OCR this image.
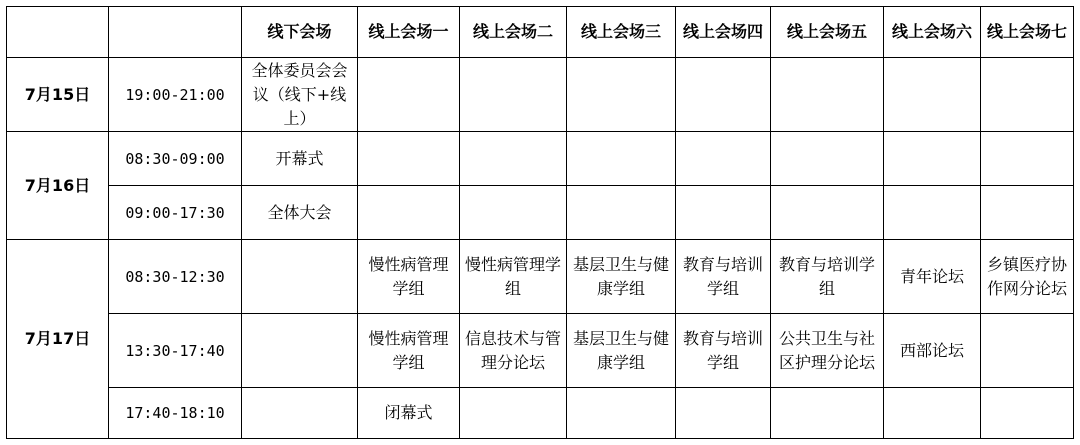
		线下会场	线上会场一	线上会场二	线上会场三	线上会场四	线上会场五	线上会场六	线上会场七
7月15日	19:00-21:00	全体委员会会议（线下+线上）							
7月16日	08:30-09:00	开幕式							
	09:00-17:30	全体大会							
7月17日	08:30-12:30		慢性病管理学组	慢性病管理学组	基层卫生与健康学组	教育与培训学组	教育与培训学组	青年论坛	乡镇医疗协作网分论坛
	13:30-17:40		慢性病管理学组	信息技术与管理分论坛	基层卫生与健康学组	教育与培训学组	公共卫生与社区护理分论坛	西部论坛	
	17:40-18:10		闭幕式						
